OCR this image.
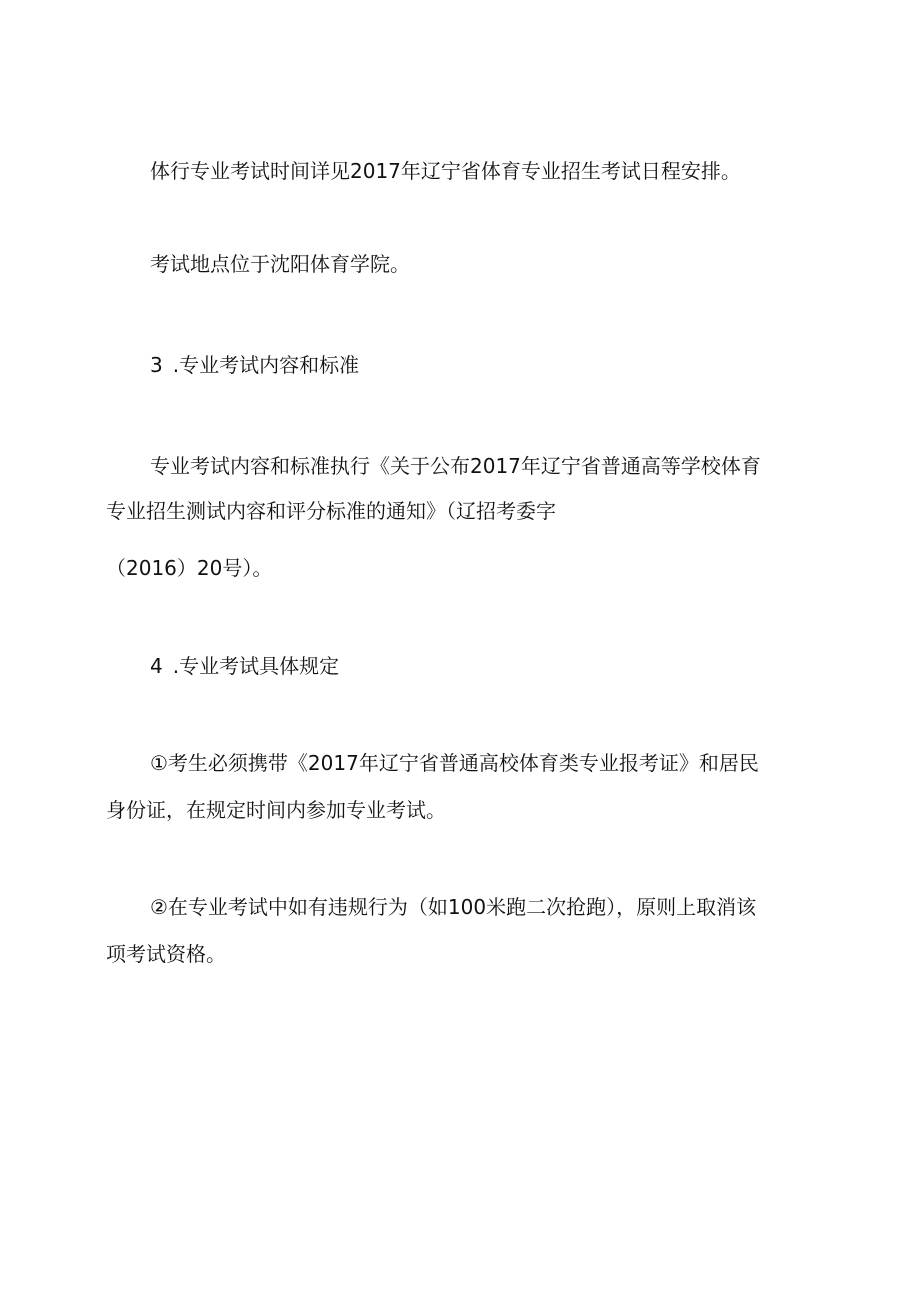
体行专业考试时间详见2017年辽宁省体育专业招生考试日程安排。

考试地点位于沈阳体育学院。

3 .专业考试内容和标准

专业考试内容和标准执行《关于公布2017年辽宁省普通高等学校体育

专业招生测试内容和评分标准的通知》（辽招考委字

（2016）20号）。

4 .专业考试具体规定

①考生必须携带《2017年辽宁省普通高校体育类专业报考证》和居民

身份证，在规定时间内参加专业考试。

②在专业考试中如有违规行为（如100米跑二次抢跑），原则上取消该

项考试资格。
